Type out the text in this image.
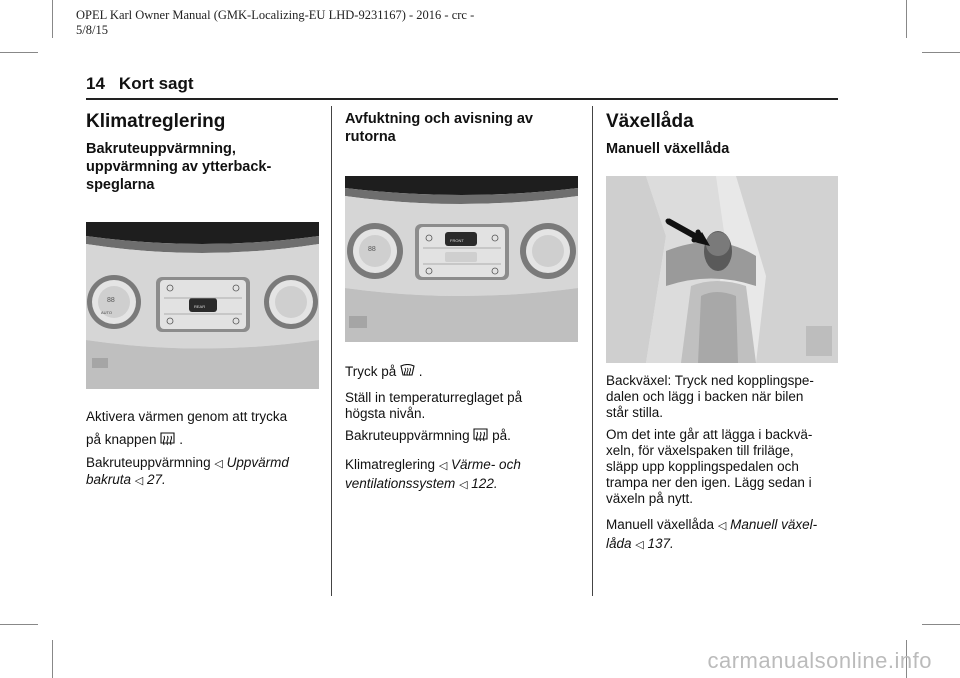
OPEL Karl Owner Manual (GMK-Localizing-EU LHD-9231167) - 2016 - crc -
5/8/15
14 Kort sagt
Klimatreglering
Bakruteuppvärmning,
uppvärmning av ytterback-
speglarna
88
AUTO
REAR

Aktivera värmen genom att trycka
på knappen .

Bakruteuppvärmning ◁ Uppvärmd
bakruta ◁ 27.

Avfuktning och avisning av
rutorna
88
FRONT

Tryck på .

Ställ in temperaturreglaget på
högsta nivån.

Bakruteuppvärmning på.

Klimatreglering ◁ Värme- och
ventilationssystem ◁ 122.

Växellåda
Manuell växellåda

Backväxel: Tryck ned kopplingspe-
dalen och lägg i backen när bilen
står stilla.

Om det inte går att lägga i backvä-
xeln, för växelspaken till friläge,
släpp upp kopplingspedalen och
trampa ner den igen. Lägg sedan i
växeln på nytt.

Manuell växellåda ◁ Manuell växel-
låda ◁ 137.

carmanualsonline.info
